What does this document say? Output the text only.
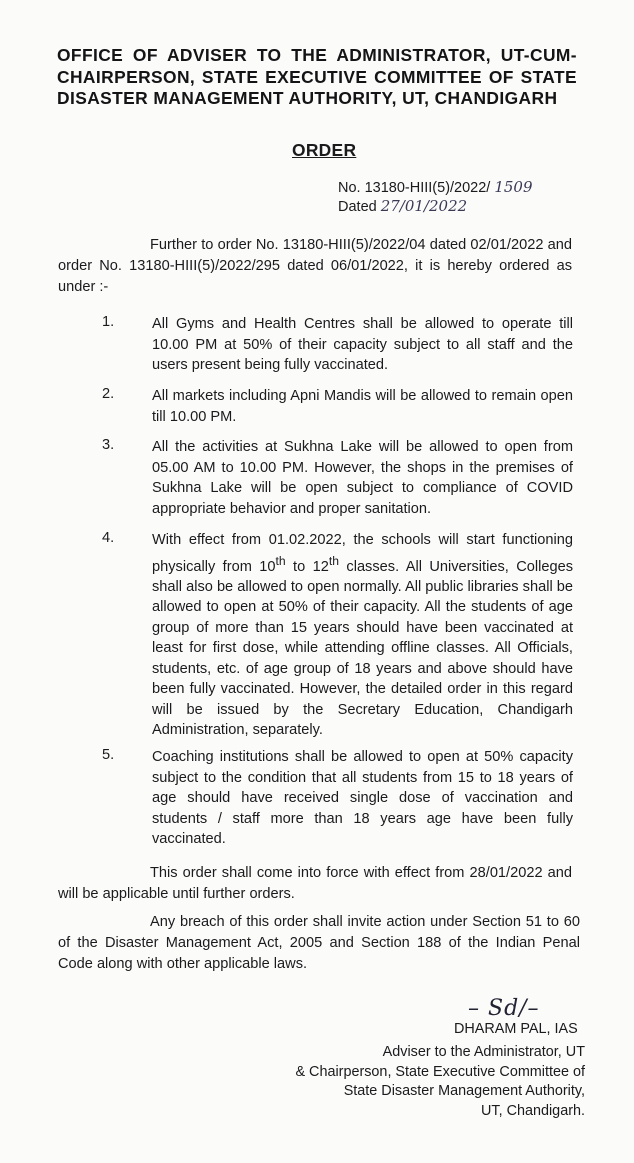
OFFICE OF ADVISER TO THE ADMINISTRATOR, UT-CUM-CHAIRPERSON, STATE EXECUTIVE COMMITTEE OF STATE DISASTER MANAGEMENT AUTHORITY, UT, CHANDIGARH
ORDER
No. 13180-HIII(5)/2022/ 1509
Dated 27/01/2022
Further to order No. 13180-HIII(5)/2022/04 dated 02/01/2022 and order No. 13180-HIII(5)/2022/295 dated 06/01/2022, it is hereby ordered as under :-
1.	All Gyms and Health Centres shall be allowed to operate till 10.00 PM at 50% of their capacity subject to all staff and the users present being fully vaccinated.
2.	All markets including Apni Mandis will be allowed to remain open till 10.00 PM.
3.	All the activities at Sukhna Lake will be allowed to open from 05.00 AM to 10.00 PM. However, the shops in the premises of Sukhna Lake will be open subject to compliance of COVID appropriate behavior and proper sanitation.
4.	With effect from 01.02.2022, the schools will start functioning physically from 10th to 12th classes. All Universities, Colleges shall also be allowed to open normally. All public libraries shall be allowed to open at 50% of their capacity. All the students of age group of more than 15 years should have been vaccinated at least for first dose, while attending offline classes. All Officials, students, etc. of age group of 18 years and above should have been fully vaccinated. However, the detailed order in this regard will be issued by the Secretary Education, Chandigarh Administration, separately.
5.	Coaching institutions shall be allowed to open at 50% capacity subject to the condition that all students from 15 to 18 years of age should have received single dose of vaccination and students / staff more than 18 years age have been fully vaccinated.
This order shall come into force with effect from 28/01/2022 and will be applicable until further orders.
Any breach of this order shall invite action under Section 51 to 60 of the Disaster Management Act, 2005 and Section 188 of the Indian Penal Code along with other applicable laws.
– Sd/–
DHARAM PAL, IAS
Adviser to the Administrator, UT
& Chairperson, State Executive Committee of
State Disaster Management Authority,
UT, Chandigarh.
